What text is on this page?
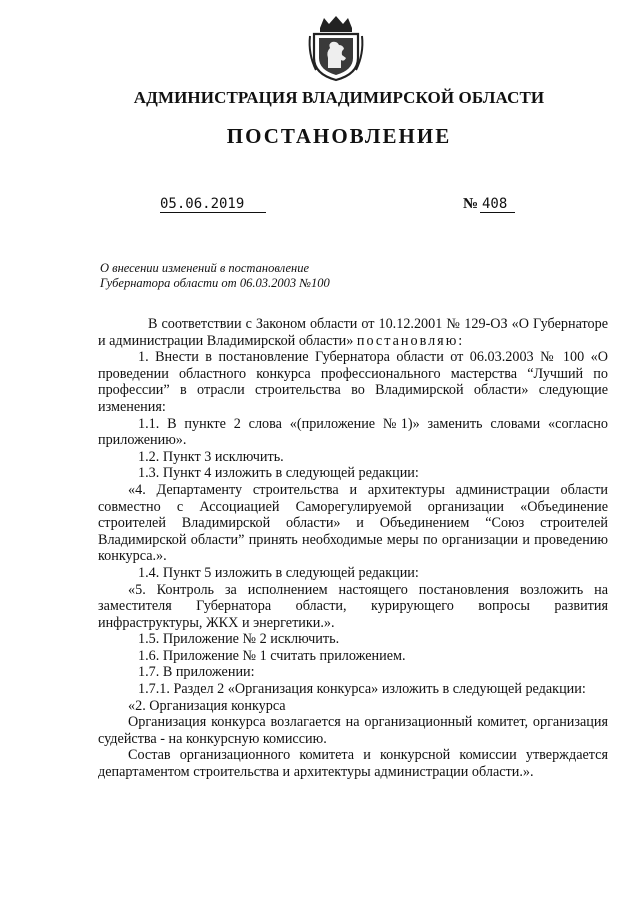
АДМИНИСТРАЦИЯ ВЛАДИМИРСКОЙ ОБЛАСТИ
ПОСТАНОВЛЕНИЕ
05.06.2019	№ 408
О внесении изменений в постановление
Губернатора области от 06.03.2003 №100

В соответствии с Законом области от 10.12.2001 № 129-ОЗ «О Губернаторе и администрации Владимирской области» постановляю:

1. Внести в постановление Губернатора области от 06.03.2003 № 100 «О проведении областного конкурса профессионального мастерства “Лучший по профессии” в отрасли строительства во Владимирской области» следующие изменения:

1.1. В пункте 2 слова «(приложение №1)» заменить словами «согласно приложению».

1.2. Пункт 3 исключить.

1.3. Пункт 4 изложить в следующей редакции:

«4. Департаменту строительства и архитектуры администрации области совместно с Ассоциацией Саморегулируемой организации «Объединение строителей Владимирской области» и Объединением “Союз строителей Владимирской области” принять необходимые меры по организации и проведению конкурса.».

1.4. Пункт 5 изложить в следующей редакции:

«5. Контроль за исполнением настоящего постановления возложить на заместителя Губернатора области, курирующего вопросы развития инфраструктуры, ЖКХ и энергетики.».

1.5. Приложение № 2 исключить.

1.6. Приложение № 1 считать приложением.

1.7. В приложении:

1.7.1. Раздел 2 «Организация конкурса» изложить в следующей редакции:

«2. Организация конкурса

Организация конкурса возлагается на организационный комитет, организация судейства - на конкурсную комиссию.

Состав организационного комитета и конкурсной комиссии утверждается департаментом строительства и архитектуры администрации области.».
